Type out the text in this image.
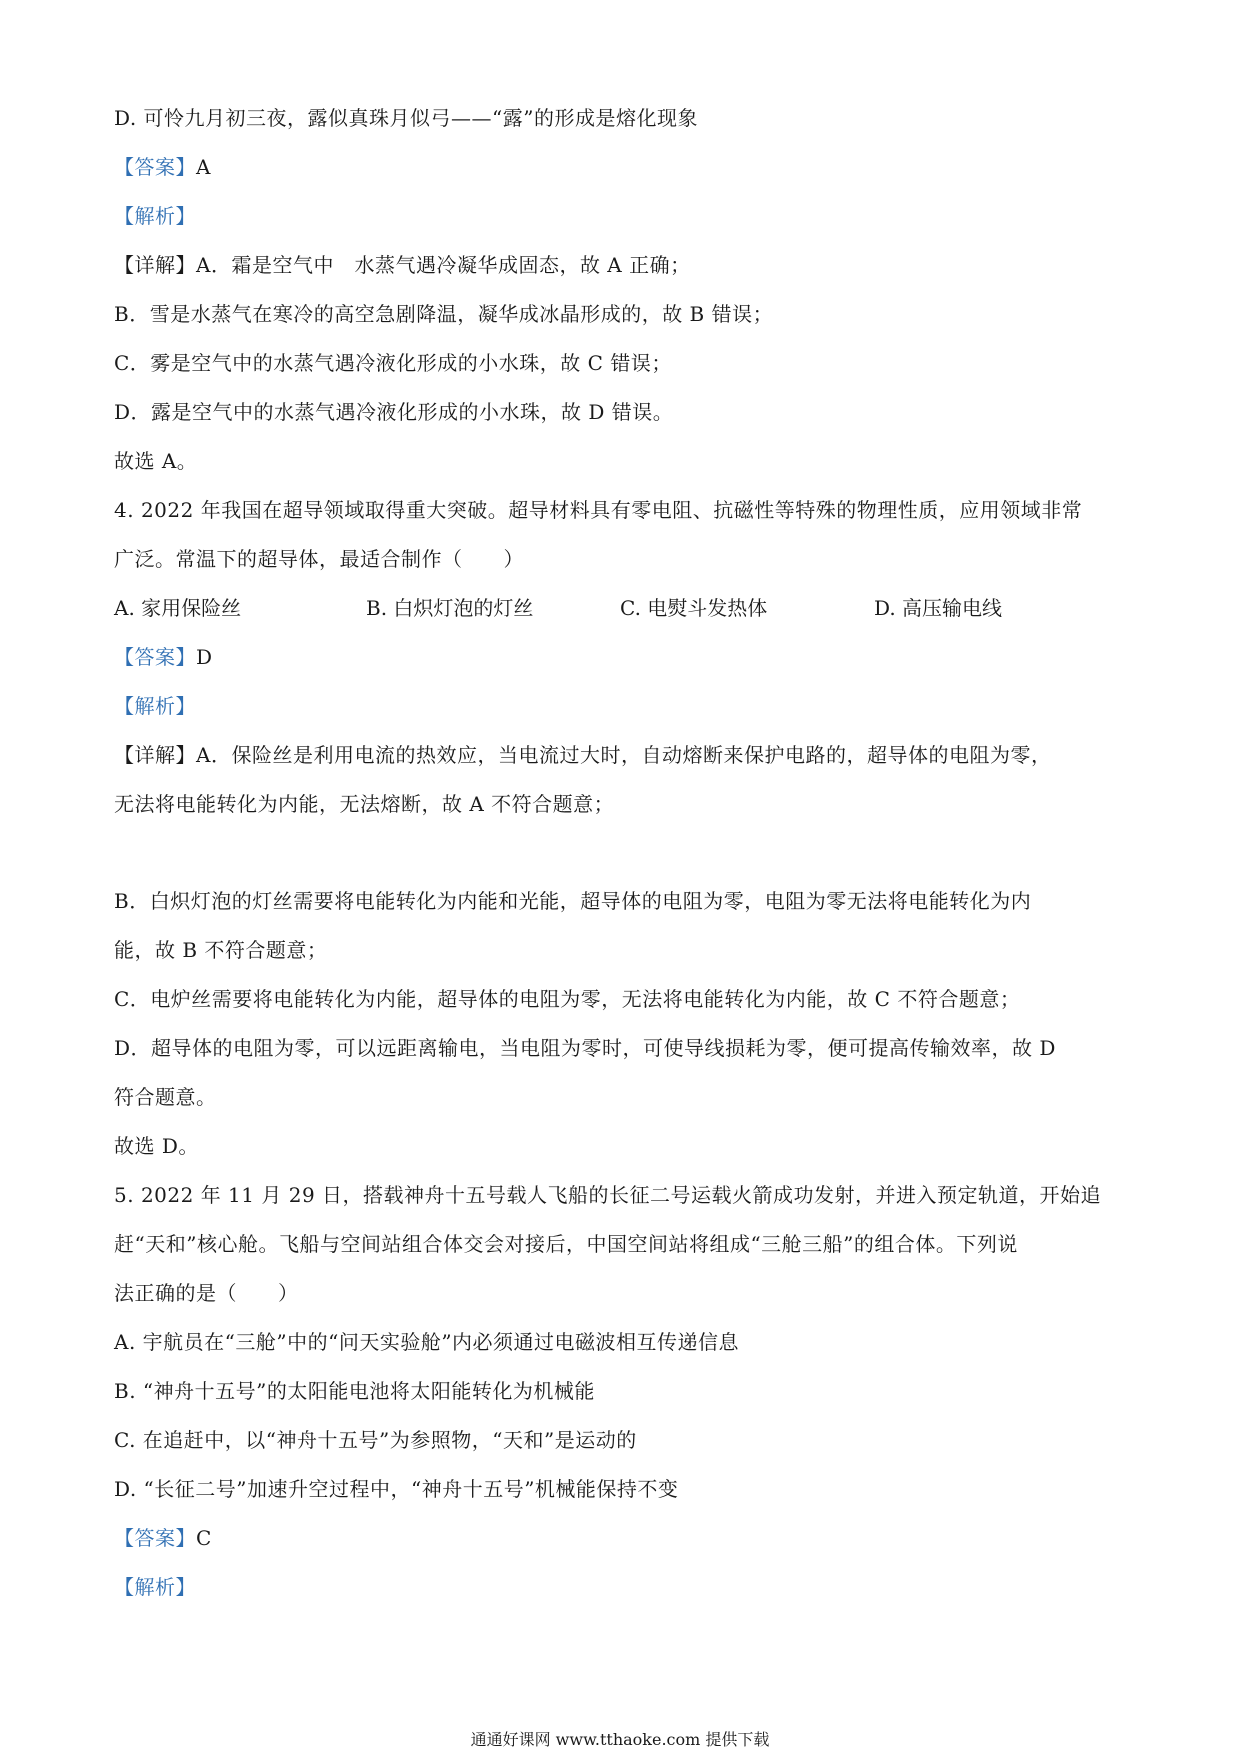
D. 可怜九月初三夜，露似真珠月似弓——“露”的形成是熔化现象
【答案】A
【解析】
【详解】A．霜是空气中　水蒸气遇冷凝华成固态，故 A 正确；
B．雪是水蒸气在寒冷的高空急剧降温，凝华成冰晶形成的，故 B 错误；
C．雾是空气中的水蒸气遇冷液化形成的小水珠，故 C 错误；
D．露是空气中的水蒸气遇冷液化形成的小水珠，故 D 错误。
故选 A。
4. 2022 年我国在超导领域取得重大突破。超导材料具有零电阻、抗磁性等特殊的物理性质，应用领域非常
广泛。常温下的超导体，最适合制作（　　）
A. 家用保险丝	B. 白炽灯泡的灯丝	C. 电熨斗发热体	D. 高压输电线
【答案】D
【解析】
【详解】A．保险丝是利用电流的热效应，当电流过大时，自动熔断来保护电路的，超导体的电阻为零，
无法将电能转化为内能，无法熔断，故 A 不符合题意；
B．白炽灯泡的灯丝需要将电能转化为内能和光能，超导体的电阻为零，电阻为零无法将电能转化为内
能，故 B 不符合题意；
C．电炉丝需要将电能转化为内能，超导体的电阻为零，无法将电能转化为内能，故 C 不符合题意；
D．超导体的电阻为零，可以远距离输电，当电阻为零时，可使导线损耗为零，便可提高传输效率，故 D
符合题意。
故选 D。
5. 2022 年 11 月 29 日，搭载神舟十五号载人飞船的长征二号运载火箭成功发射，并进入预定轨道，开始追
赶“天和”核心舱。飞船与空间站组合体交会对接后，中国空间站将组成“三舱三船”的组合体。下列说
法正确的是（　　）
A. 宇航员在“三舱”中的“问天实验舱”内必须通过电磁波相互传递信息
B. “神舟十五号”的太阳能电池将太阳能转化为机械能
C. 在追赶中，以“神舟十五号”为参照物，“天和”是运动的
D. “长征二号”加速升空过程中，“神舟十五号”机械能保持不变
【答案】C
【解析】
通通好课网 www.tthaoke.com 提供下载
